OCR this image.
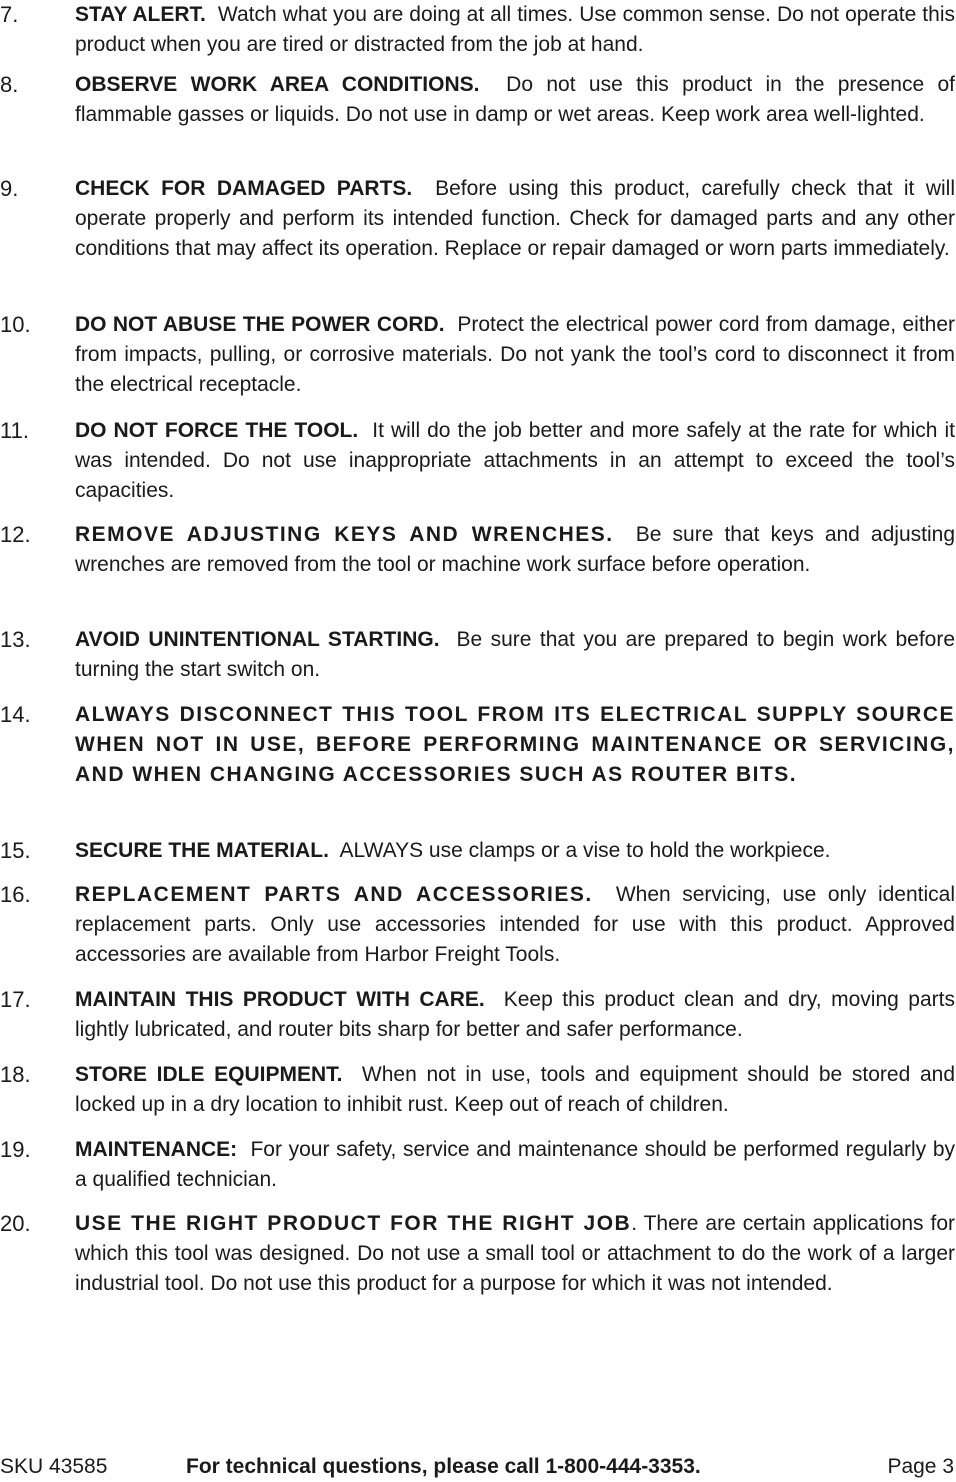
7.	STAY ALERT. Watch what you are doing at all times. Use common sense. Do not operate this product when you are tired or distracted from the job at hand.
8.	OBSERVE WORK AREA CONDITIONS. Do not use this product in the presence of flammable gasses or liquids. Do not use in damp or wet areas. Keep work area well-lighted.
9.	CHECK FOR DAMAGED PARTS. Before using this product, carefully check that it will operate properly and perform its intended function. Check for damaged parts and any other conditions that may affect its operation. Replace or repair damaged or worn parts immediately.
10. DO NOT ABUSE THE POWER CORD. Protect the electrical power cord from damage, either from impacts, pulling, or corrosive materials. Do not yank the tool’s cord to disconnect it from the electrical receptacle.
11. DO NOT FORCE THE TOOL. It will do the job better and more safely at the rate for which it was intended. Do not use inappropriate attachments in an attempt to exceed the tool’s capacities.
12. REMOVE ADJUSTING KEYS AND WRENCHES. Be sure that keys and adjusting wrenches are removed from the tool or machine work surface before operation.
13. AVOID UNINTENTIONAL STARTING. Be sure that you are prepared to begin work before turning the start switch on.
14. ALWAYS DISCONNECT THIS TOOL FROM ITS ELECTRICAL SUPPLY SOURCE WHEN NOT IN USE, BEFORE PERFORMING MAINTENANCE OR SERVICING, AND WHEN CHANGING ACCESSORIES SUCH AS ROUTER BITS.
15. SECURE THE MATERIAL. ALWAYS use clamps or a vise to hold the workpiece.
16. REPLACEMENT PARTS AND ACCESSORIES. When servicing, use only identical replacement parts. Only use accessories intended for use with this product. Approved accessories are available from Harbor Freight Tools.
17. MAINTAIN THIS PRODUCT WITH CARE. Keep this product clean and dry, moving parts lightly lubricated, and router bits sharp for better and safer performance.
18. STORE IDLE EQUIPMENT. When not in use, tools and equipment should be stored and locked up in a dry location to inhibit rust. Keep out of reach of children.
19. MAINTENANCE: For your safety, service and maintenance should be performed regularly by a qualified technician.
20. USE THE RIGHT PRODUCT FOR THE RIGHT JOB. There are certain applications for which this tool was designed. Do not use a small tool or attachment to do the work of a larger industrial tool. Do not use this product for a purpose for which it was not intended.
SKU 43585	For technical questions, please call 1-800-444-3353.	Page 3
